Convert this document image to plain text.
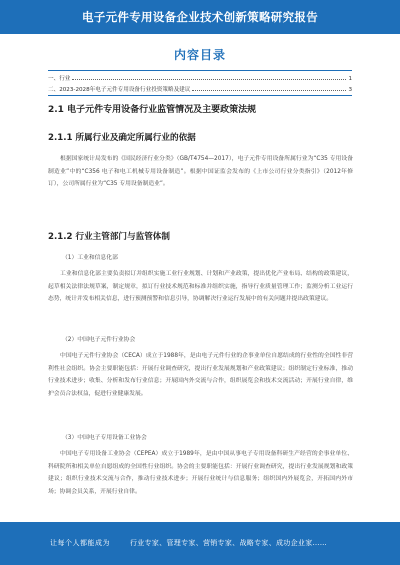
电子元件专用设备企业技术创新策略研究报告
内容目录
一、行业	1
二、2023-2028年电子元件专用设备行业投资策略及建议	3
2.1 电子元件专用设备行业监管情况及主要政策法规
2.1.1 所属行业及确定所属行业的依据
根据国家统计局发布的《国民经济行业分类》（GB/T4754—2017），电子元件专用设备所属行业为“C35 专用设备制造业”中的“C356 电子和电工机械专用设备制造”。根据中国证监会发布的《上市公司行业分类指引》（2012年修订），公司所属行业为“C35 专用设备制造业”。
2.1.2 行业主管部门与监管体制
（1）工业和信息化部
工业和信息化部主要负责拟订并组织实施工业行业规划、计划和产业政策，提出优化产业布局、结构的政策建议，起草相关法律法规草案，制定规章，拟订行业技术规范和标准并组织实施，指导行业质量管理工作；监测分析工业运行态势，统计并发布相关信息，进行预测预警和信息引导，协调解决行业运行发展中的有关问题并提出政策建议。
（2）中国电子元件行业协会
中国电子元件行业协会（CECA）成立于1988年，是由电子元件行业的企事业单位自愿结成的行业性的全国性非营利性社会组织。协会主要职能包括：开展行业调查研究，提出行业发展规划和产业政策建议；组织制定行业标准，推动行业技术进步；收集、分析和发布行业信息；开展国内外交流与合作，组织展览会和技术交流活动；开展行业自律，维护会员合法权益，促进行业健康发展。
（3）中国电子专用设备工业协会
中国电子专用设备工业协会（CEPEA）成立于1989年，是由中国从事电子专用设备科研生产经营的企事业单位、科研院所和相关单位自愿组成的全国性行业组织。协会的主要职能包括：开展行业调查研究，提出行业发展规划和政策建议；组织行业技术交流与合作，推动行业技术进步；开展行业统计与信息服务；组织国内外展览会，开拓国内外市场；协调会员关系，开展行业自律。
让每个人都能成为	行业专家、管理专家、营销专家、战略专家、成功企业家……
